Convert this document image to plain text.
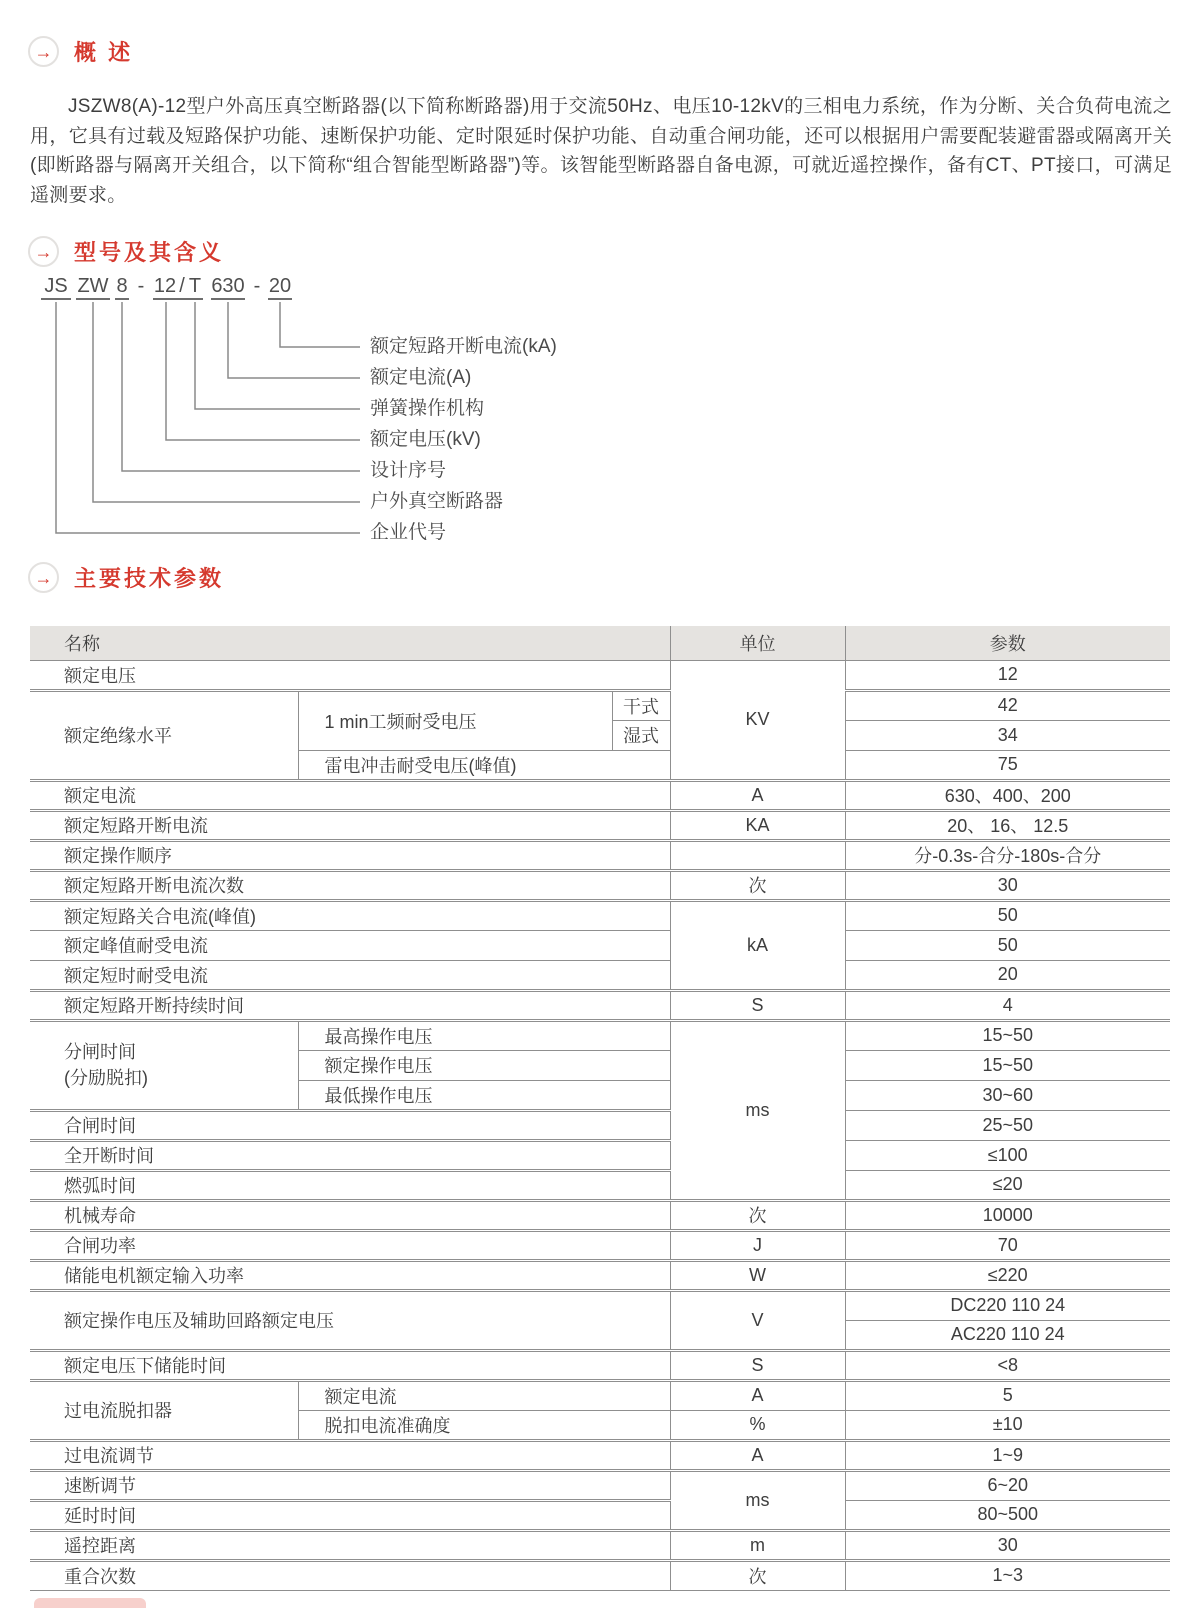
→ 概 述
JSZW8(A)-12型户外高压真空断路器(以下简称断路器)用于交流50Hz、电压10-12kV的三相电力系统，作为分断、关合负荷电流之用，它具有过载及短路保护功能、速断保护功能、定时限延时保护功能、自动重合闸功能，还可以根据用户需要配装避雷器或隔离开关(即断路器与隔离开关组合，以下简称“组合智能型断路器”)等。该智能型断路器自备电源，可就近遥控操作，备有CT、PT接口，可满足遥测要求。
→ 型号及其含义
JS ZW 8 - 12 / T 630 - 20
额定短路开断电流(kA)
额定电流(A)
弹簧操作机构
额定电压(kV)
设计序号
户外真空断路器
企业代号
→ 主要技术参数
名称			单位	参数
额定电压			KV	12
额定绝缘水平	1 min工频耐受电压	干式		42
		湿式		34
	雷电冲击耐受电压(峰值)			75
额定电流			A	630、400、200
额定短路开断电流			KA	20、 16、 12.5
额定操作顺序				分-0.3s-合分-180s-合分
额定短路开断电流次数			次	30
额定短路关合电流(峰值)			kA	50
额定峰值耐受电流				50
额定短时耐受电流				20
额定短路开断持续时间			S	4

分闸时间
(分励脱扣)	最高操作电压		ms	15~50
	额定操作电压			15~50
	最低操作电压			30~60
合闸时间				25~50
全开断时间				≤100
燃弧时间				≤20
机械寿命			次	10000
合闸功率			J	70
储能电机额定输入功率			W	≤220
额定操作电压及辅助回路额定电压			V	DC220 110 24
				AC220 110 24
额定电压下储能时间			S	<8
过电流脱扣器	额定电流		A	5
	脱扣电流准确度		%	±10
过电流调节			A	1~9
速断调节			ms	6~20
延时时间				80~500
遥控距离			m	30
重合次数			次	1~3
